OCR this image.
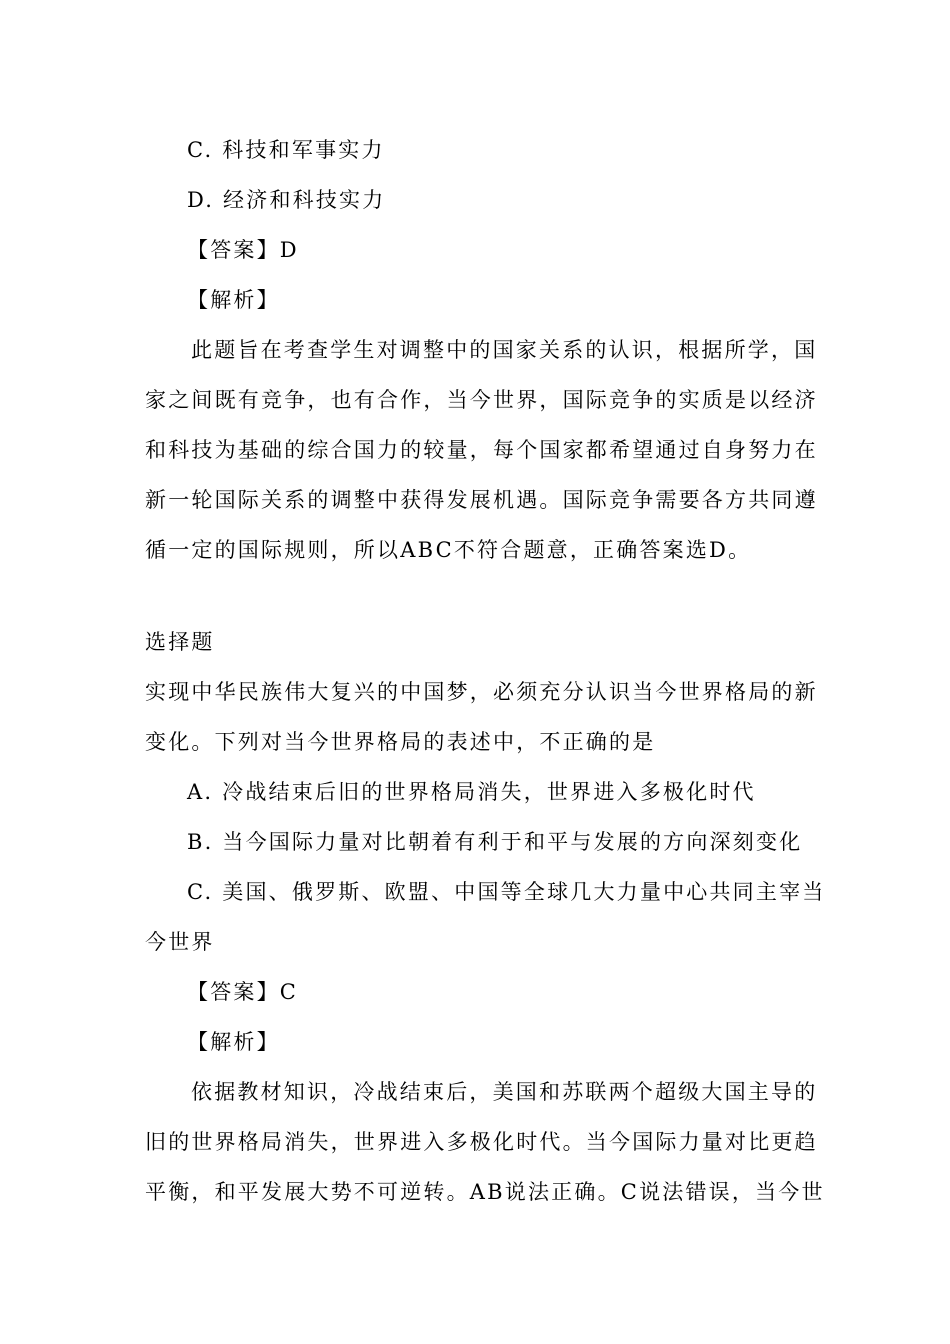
C. 科技和军事实力
D. 经济和科技实力
【答案】D
【解析】
此题旨在考查学生对调整中的国家关系的认识，根据所学，国
家之间既有竞争，也有合作，当今世界，国际竞争的实质是以经济
和科技为基础的综合国力的较量，每个国家都希望通过自身努力在
新一轮国际关系的调整中获得发展机遇。国际竞争需要各方共同遵
循一定的国际规则，所以ABC不符合题意，正确答案选D。
选择题
实现中华民族伟大复兴的中国梦，必须充分认识当今世界格局的新
变化。下列对当今世界格局的表述中，不正确的是
A. 冷战结束后旧的世界格局消失，世界进入多极化时代
B. 当今国际力量对比朝着有利于和平与发展的方向深刻变化
C. 美国、俄罗斯、欧盟、中国等全球几大力量中心共同主宰当
今世界
【答案】C
【解析】
依据教材知识，冷战结束后，美国和苏联两个超级大国主导的
旧的世界格局消失，世界进入多极化时代。当今国际力量对比更趋
平衡，和平发展大势不可逆转。AB说法正确。C说法错误，当今世
